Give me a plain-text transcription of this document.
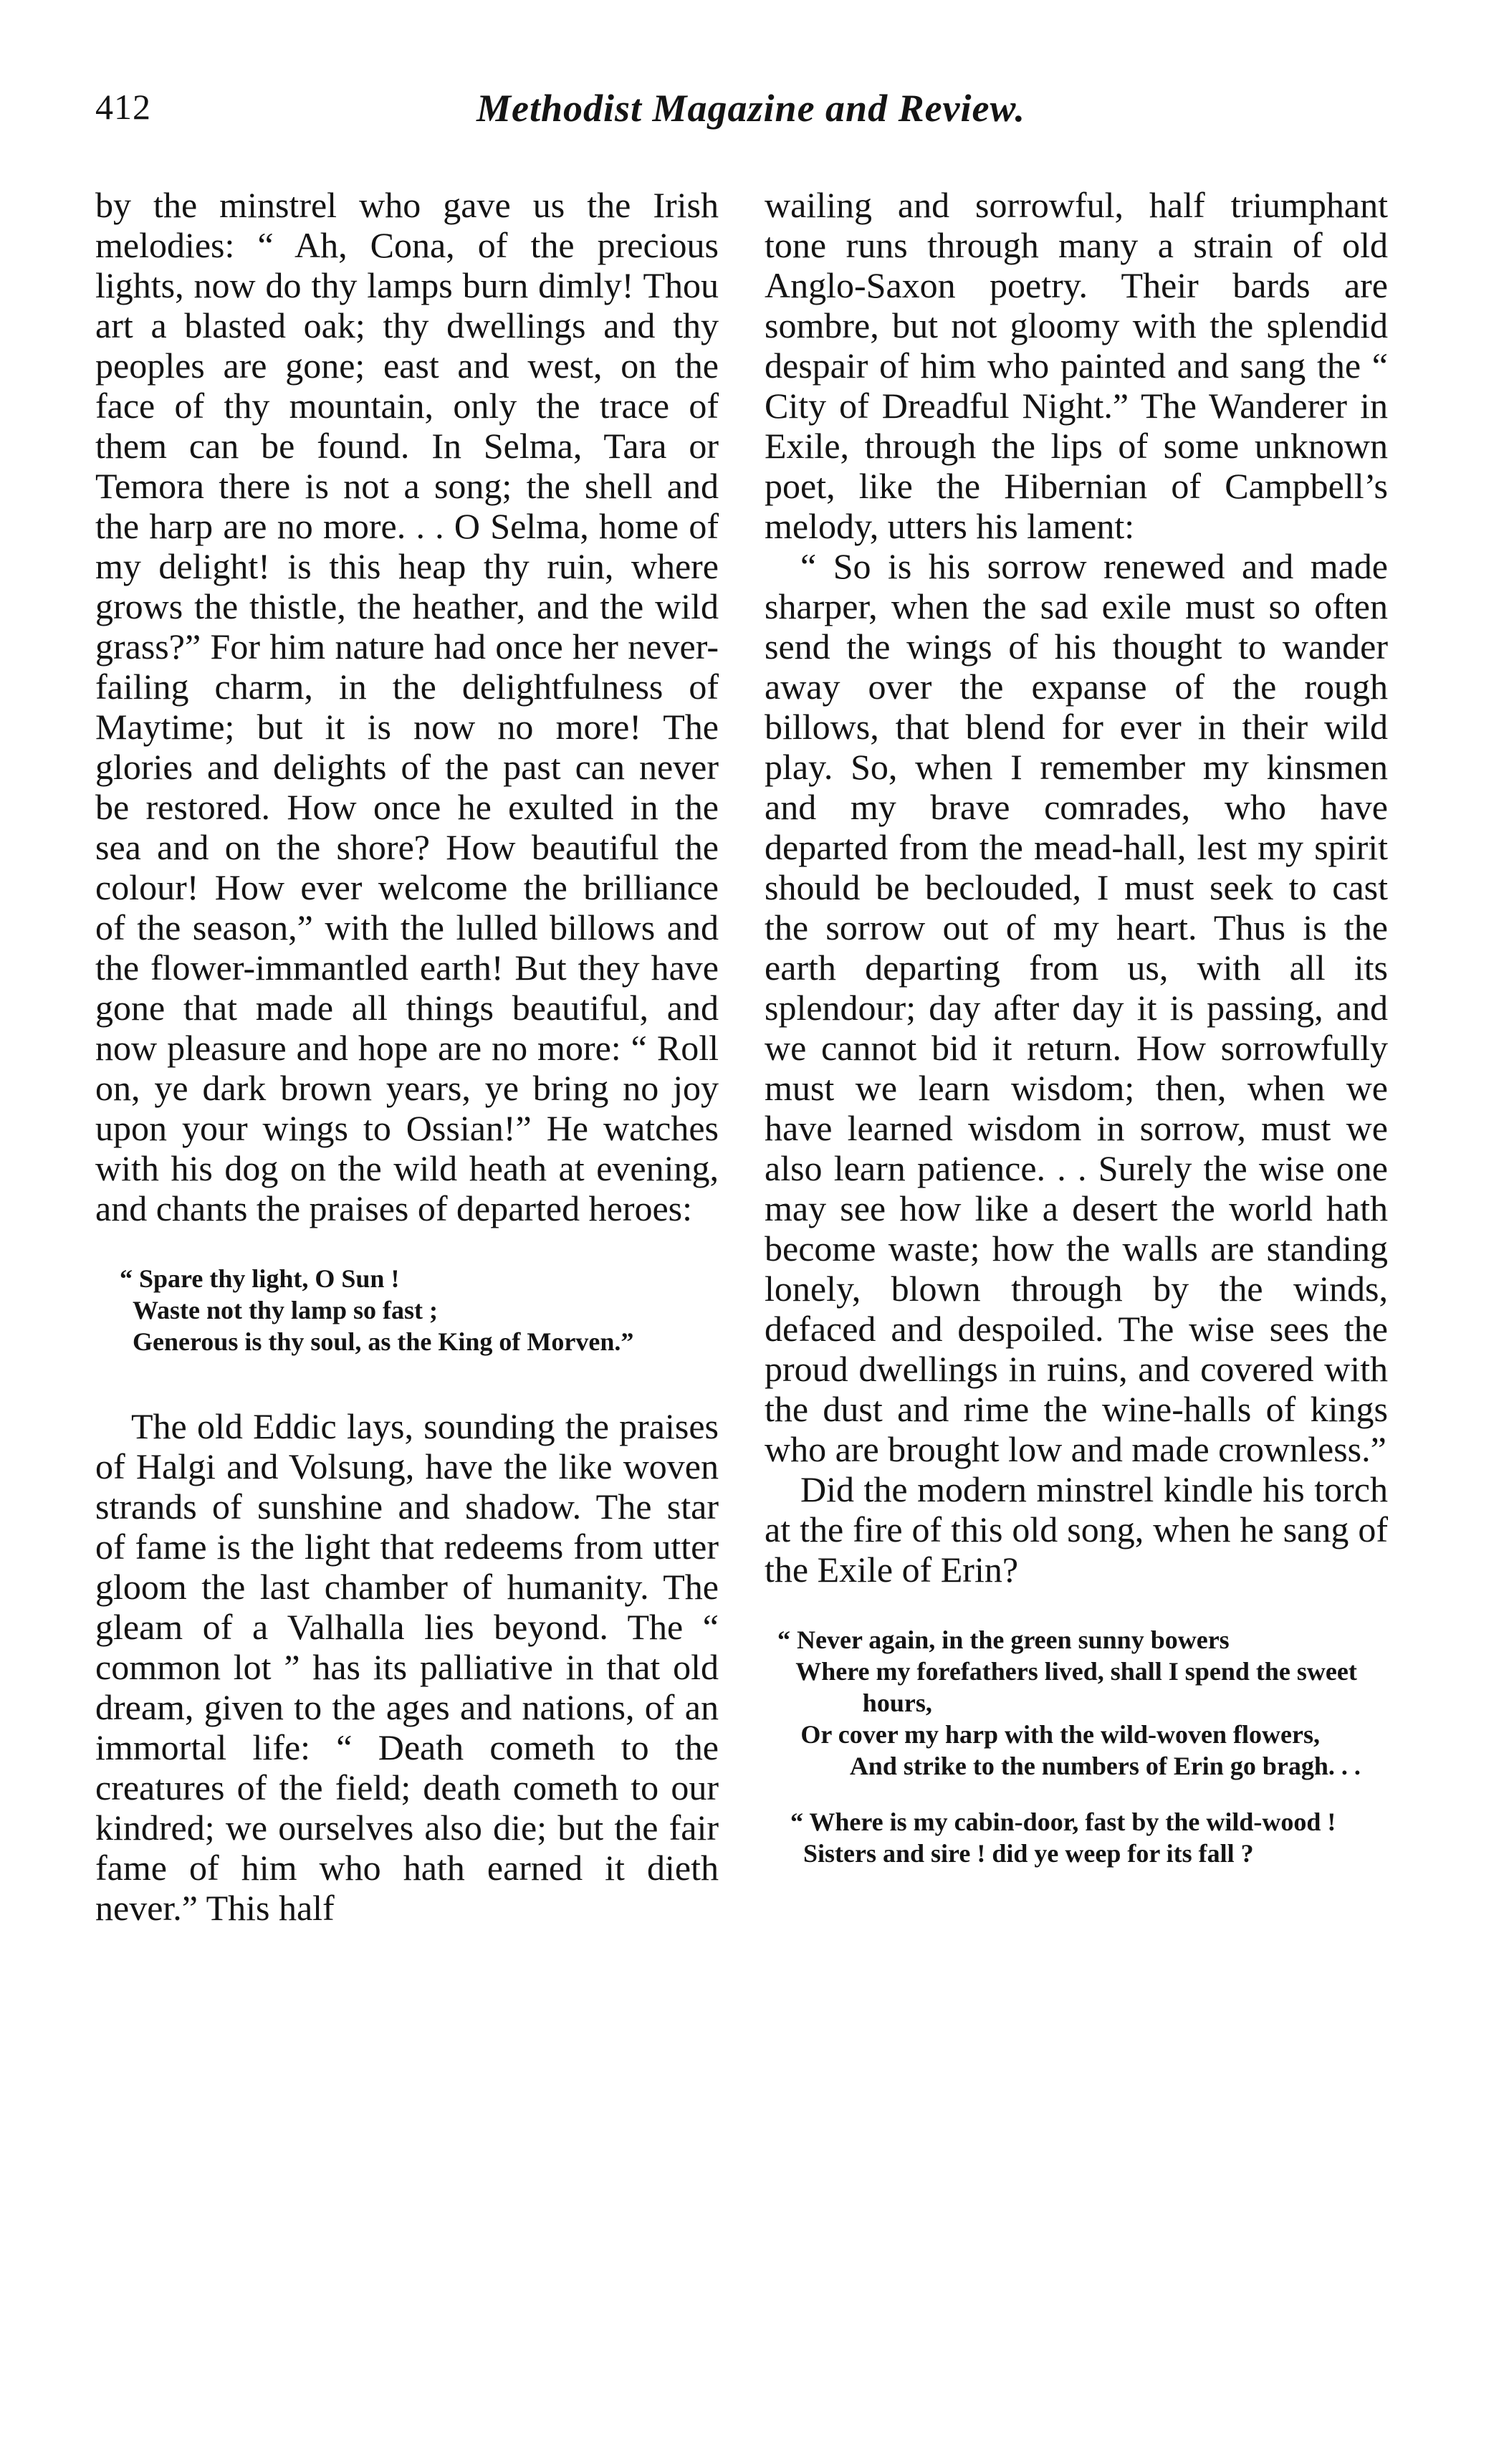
412	Methodist Magazine and Review.

by the minstrel who gave us the Irish melodies: “ Ah, Cona, of the precious lights, now do thy lamps burn dimly! Thou art a blasted oak; thy dwellings and thy peoples are gone; east and west, on the face of thy mountain, only the trace of them can be found. In Selma, Tara or Temora there is not a song; the shell and the harp are no more. . . O Selma, home of my delight! is this heap thy ruin, where grows the thistle, the heather, and the wild grass?” For him nature had once her never-failing charm, in the delightfulness of Maytime; but it is now no more! The glories and delights of the past can never be restored. How once he exulted in the sea and on the shore? How beautiful the colour! How ever welcome the brilliance of the season,” with the lulled billows and the flower-immantled earth! But they have gone that made all things beautiful, and now pleasure and hope are no more: “ Roll on, ye dark brown years, ye bring no joy upon your wings to Ossian!” He watches with his dog on the wild heath at evening, and chants the praises of departed heroes:

“ Spare thy light, O Sun !
Waste not thy lamp so fast ;
Generous is thy soul, as the King of Morven.”

The old Eddic lays, sounding the praises of Halgi and Volsung, have the like woven strands of sunshine and shadow. The star of fame is the light that redeems from utter gloom the last chamber of humanity. The gleam of a Valhalla lies beyond. The “ common lot ” has its palliative in that old dream, given to the ages and nations, of an immortal life: “ Death cometh to the creatures of the field; death cometh to our kindred; we ourselves also die; but the fair fame of him who hath earned it dieth never.” This half

wailing and sorrowful, half triumphant tone runs through many a strain of old Anglo-Saxon poetry. Their bards are sombre, but not gloomy with the splendid despair of him who painted and sang the “ City of Dreadful Night.” The Wanderer in Exile, through the lips of some unknown poet, like the Hibernian of Campbell’s melody, utters his lament:

“ So is his sorrow renewed and made sharper, when the sad exile must so often send the wings of his thought to wander away over the expanse of the rough billows, that blend for ever in their wild play. So, when I remember my kinsmen and my brave comrades, who have departed from the mead-hall, lest my spirit should be beclouded, I must seek to cast the sorrow out of my heart. Thus is the earth departing from us, with all its splendour; day after day it is passing, and we cannot bid it return. How sorrowfully must we learn wisdom; then, when we have learned wisdom in sorrow, must we also learn patience. . . Surely the wise one may see how like a desert the world hath become waste; how the walls are standing lonely, blown through by the winds, defaced and despoiled. The wise sees the proud dwellings in ruins, and covered with the dust and rime the wine-halls of kings who are brought low and made crownless.”

Did the modern minstrel kindle his torch at the fire of this old song, when he sang of the Exile of Erin?

“ Never again, in the green sunny bowers
Where my forefathers lived, shall I spend the sweet hours,
Or cover my harp with the wild-woven flowers,
And strike to the numbers of Erin go bragh. . .
“ Where is my cabin-door, fast by the wild-wood !
Sisters and sire ! did ye weep for its fall ?
